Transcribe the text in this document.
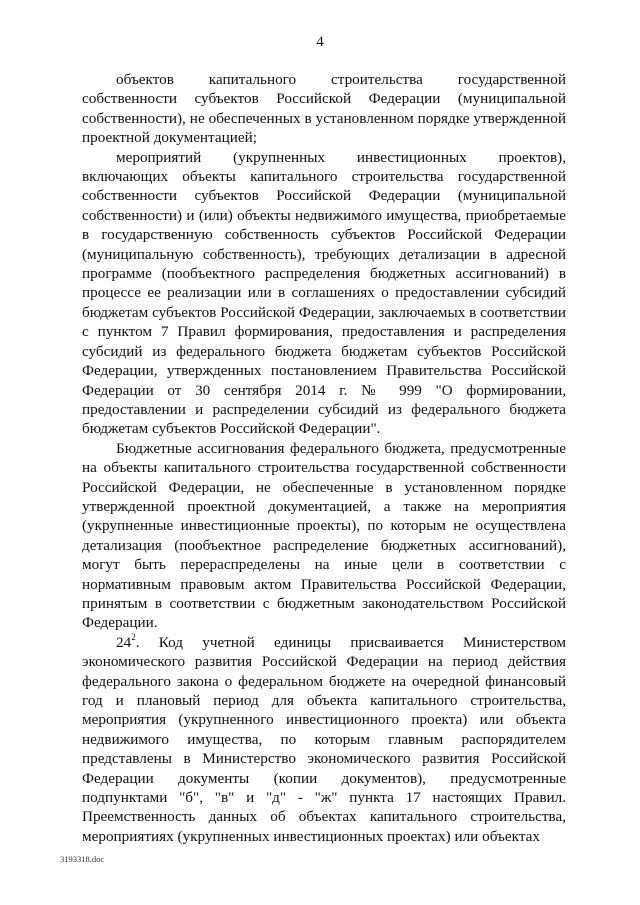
4

объектов капитального строительства государственной собственности субъектов Российской Федерации (муниципальной собственности), не обеспеченных в установленном порядке утвержденной проектной документацией;

мероприятий (укрупненных инвестиционных проектов), включающих объекты капитального строительства государственной собственности субъектов Российской Федерации (муниципальной собственности) и (или) объекты недвижимого имущества, приобретаемые в государственную собственность субъектов Российской Федерации (муниципальную собственность), требующих детализации в адресной программе (пообъектного распределения бюджетных ассигнований) в процессе ее реализации или в соглашениях о предоставлении субсидий бюджетам субъектов Российской Федерации, заключаемых в соответствии с пунктом 7 Правил формирования, предоставления и распределения субсидий из федерального бюджета бюджетам субъектов Российской Федерации, утвержденных постановлением Правительства Российской Федерации от 30 сентября 2014 г. № 999 "О формировании, предоставлении и распределении субсидий из федерального бюджета бюджетам субъектов Российской Федерации".

Бюджетные ассигнования федерального бюджета, предусмотренные на объекты капитального строительства государственной собственности Российской Федерации, не обеспеченные в установленном порядке утвержденной проектной документацией, а также на мероприятия (укрупненные инвестиционные проекты), по которым не осуществлена детализация (пообъектное распределение бюджетных ассигнований), могут быть перераспределены на иные цели в соответствии с нормативным правовым актом Правительства Российской Федерации, принятым в соответствии с бюджетным законодательством Российской Федерации.

$24^2$. Код учетной единицы присваивается Министерством экономического развития Российской Федерации на период действия федерального закона о федеральном бюджете на очередной финансовый год и плановый период для объекта капитального строительства, мероприятия (укрупненного инвестиционного проекта) или объекта недвижимого имущества, по которым главным распорядителем представлены в Министерство экономического развития Российской Федерации документы (копии документов), предусмотренные подпунктами "б", "в" и "д" - "ж" пункта 17 настоящих Правил. Преемственность данных об объектах капитального строительства, мероприятиях (укрупненных инвестиционных проектах) или объектах

3193318.doc
